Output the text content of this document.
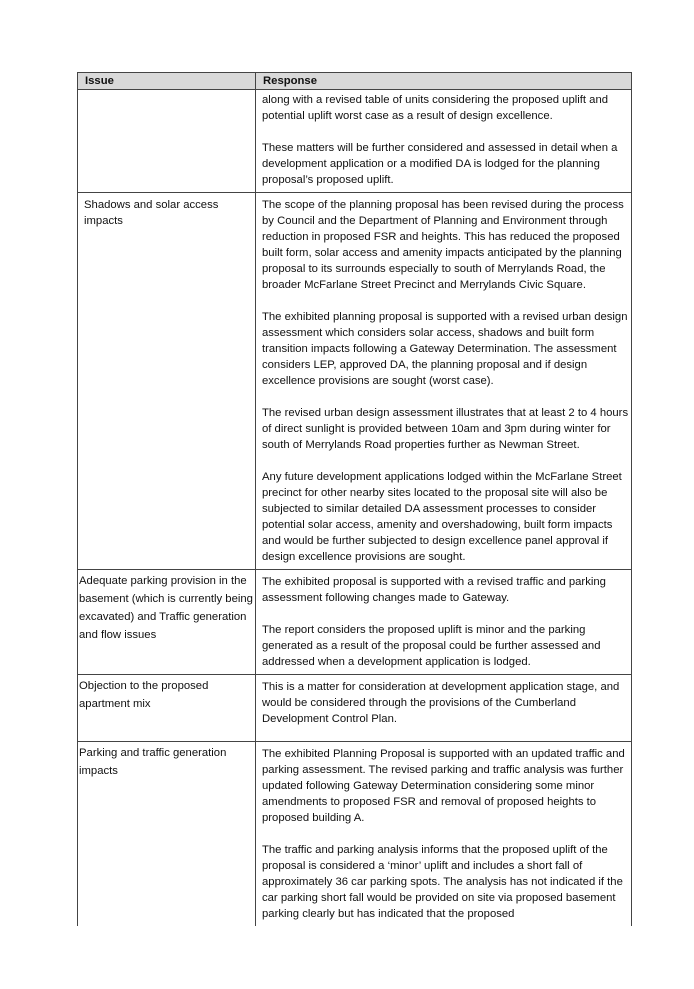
Issue	Response

	along with a revised table of units considering the proposed uplift and potential uplift worst case as a result of design excellence.

These matters will be further considered and assessed in detail when a development application or a modified DA is lodged for the planning proposal’s proposed uplift.

Shadows and solar access impacts	The scope of the planning proposal has been revised during the process by Council and the Department of Planning and Environment through reduction in proposed FSR and heights. This has reduced the proposed built form, solar access and amenity impacts anticipated by the planning proposal to its surrounds especially to south of Merrylands Road, the broader McFarlane Street Precinct and Merrylands Civic Square.

The exhibited planning proposal is supported with a revised urban design assessment which considers solar access, shadows and built form transition impacts following a Gateway Determination. The assessment considers LEP, approved DA, the planning proposal and if design excellence provisions are sought (worst case).

The revised urban design assessment illustrates that at least 2 to 4 hours of direct sunlight is provided between 10am and 3pm during winter for south of Merrylands Road properties further as Newman Street.

Any future development applications lodged within the McFarlane Street precinct for other nearby sites located to the proposal site will also be subjected to similar detailed DA assessment processes to consider potential solar access, amenity and overshadowing, built form impacts and would be further subjected to design excellence panel approval if design excellence provisions are sought.

Adequate parking provision in the basement (which is currently being excavated) and Traffic generation and flow issues	The exhibited proposal is supported with a revised traffic and parking assessment following changes made to Gateway.

The report considers the proposed uplift is minor and the parking generated as a result of the proposal could be further assessed and addressed when a development application is lodged.

Objection to the proposed apartment mix	This is a matter for consideration at development application stage, and would be considered through the provisions of the Cumberland Development Control Plan.

Parking and traffic generation impacts	The exhibited Planning Proposal is supported with an updated traffic and parking assessment. The revised parking and traffic analysis was further updated following Gateway Determination considering some minor amendments to proposed FSR and removal of proposed heights to proposed building A.

The traffic and parking analysis informs that the proposed uplift of the proposal is considered a ‘minor’ uplift and includes a short fall of approximately 36 car parking spots. The analysis has not indicated if the car parking short fall would be provided on site via proposed basement parking clearly but has indicated that the proposed
